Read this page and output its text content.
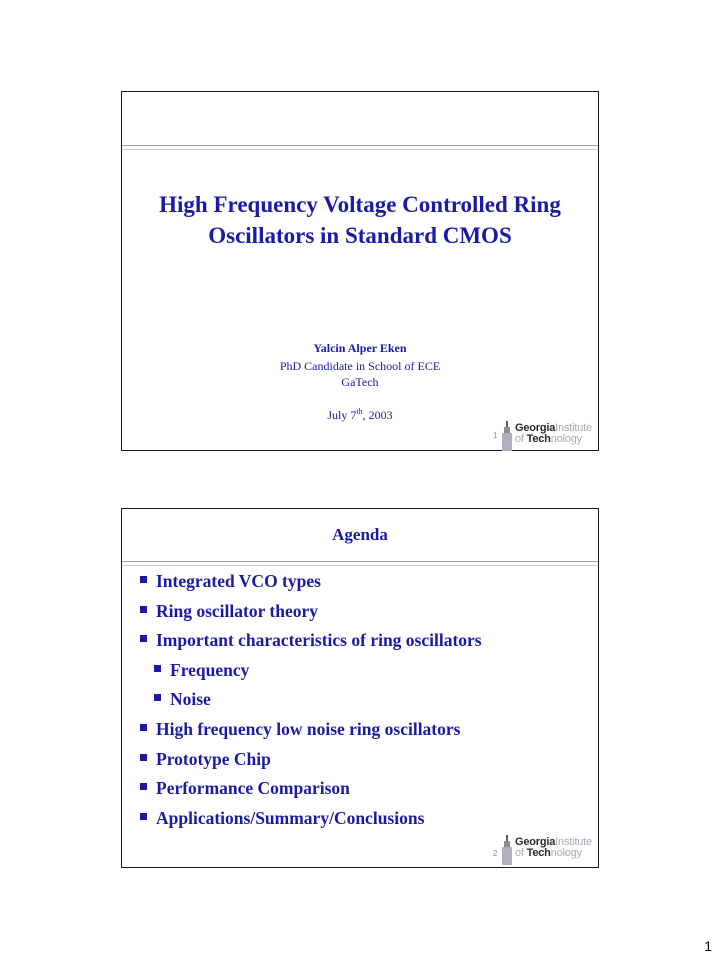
High Frequency Voltage Controlled Ring
Oscillators in Standard CMOS
Yalcin Alper Eken
PhD Candidate in School of ECE
GaTech
July 7th, 2003
1
GeorgiaInstitute
of Technology
Agenda
Integrated VCO types
Ring oscillator theory
Important characteristics of ring oscillators
Frequency
Noise
High frequency low noise ring oscillators
Prototype Chip
Performance Comparison
Applications/Summary/Conclusions
2
GeorgiaInstitute
of Technology
1
